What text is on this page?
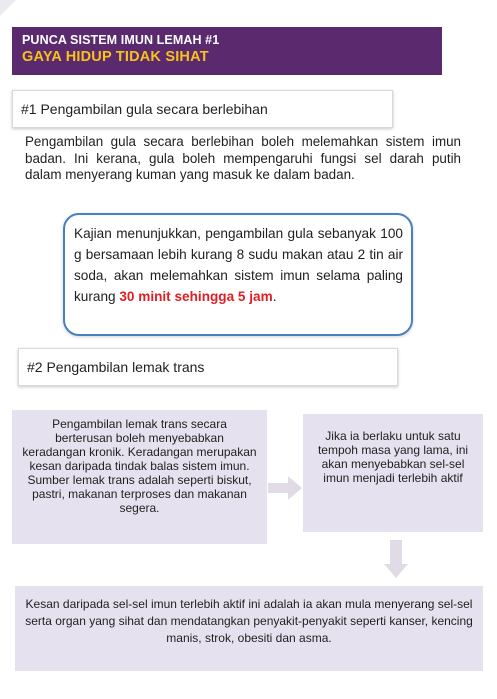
PUNCA SISTEM IMUN LEMAH #1
GAYA HIDUP TIDAK SIHAT
#1 Pengambilan gula secara berlebihan
Pengambilan gula secara berlebihan boleh melemahkan sistem imun badan. Ini kerana, gula boleh mempengaruhi fungsi sel darah putih dalam menyerang kuman yang masuk ke dalam badan.
Kajian menunjukkan, pengambilan gula sebanyak 100 g bersamaan lebih kurang 8 sudu makan atau 2 tin air soda, akan melemahkan sistem imun selama paling kurang 30 minit sehingga 5 jam.
#2 Pengambilan lemak trans
Pengambilan lemak trans secara berterusan boleh menyebabkan keradangan kronik. Keradangan merupakan kesan daripada tindak balas sistem imun. Sumber lemak trans adalah seperti biskut, pastri, makanan terproses dan makanan segera.
Jika ia berlaku untuk satu tempoh masa yang lama, ini akan menyebabkan sel-sel imun menjadi terlebih aktif
Kesan daripada sel-sel imun terlebih aktif ini adalah ia akan mula menyerang sel-sel serta organ yang sihat dan mendatangkan penyakit-penyakit seperti kanser, kencing manis, strok, obesiti dan asma.
